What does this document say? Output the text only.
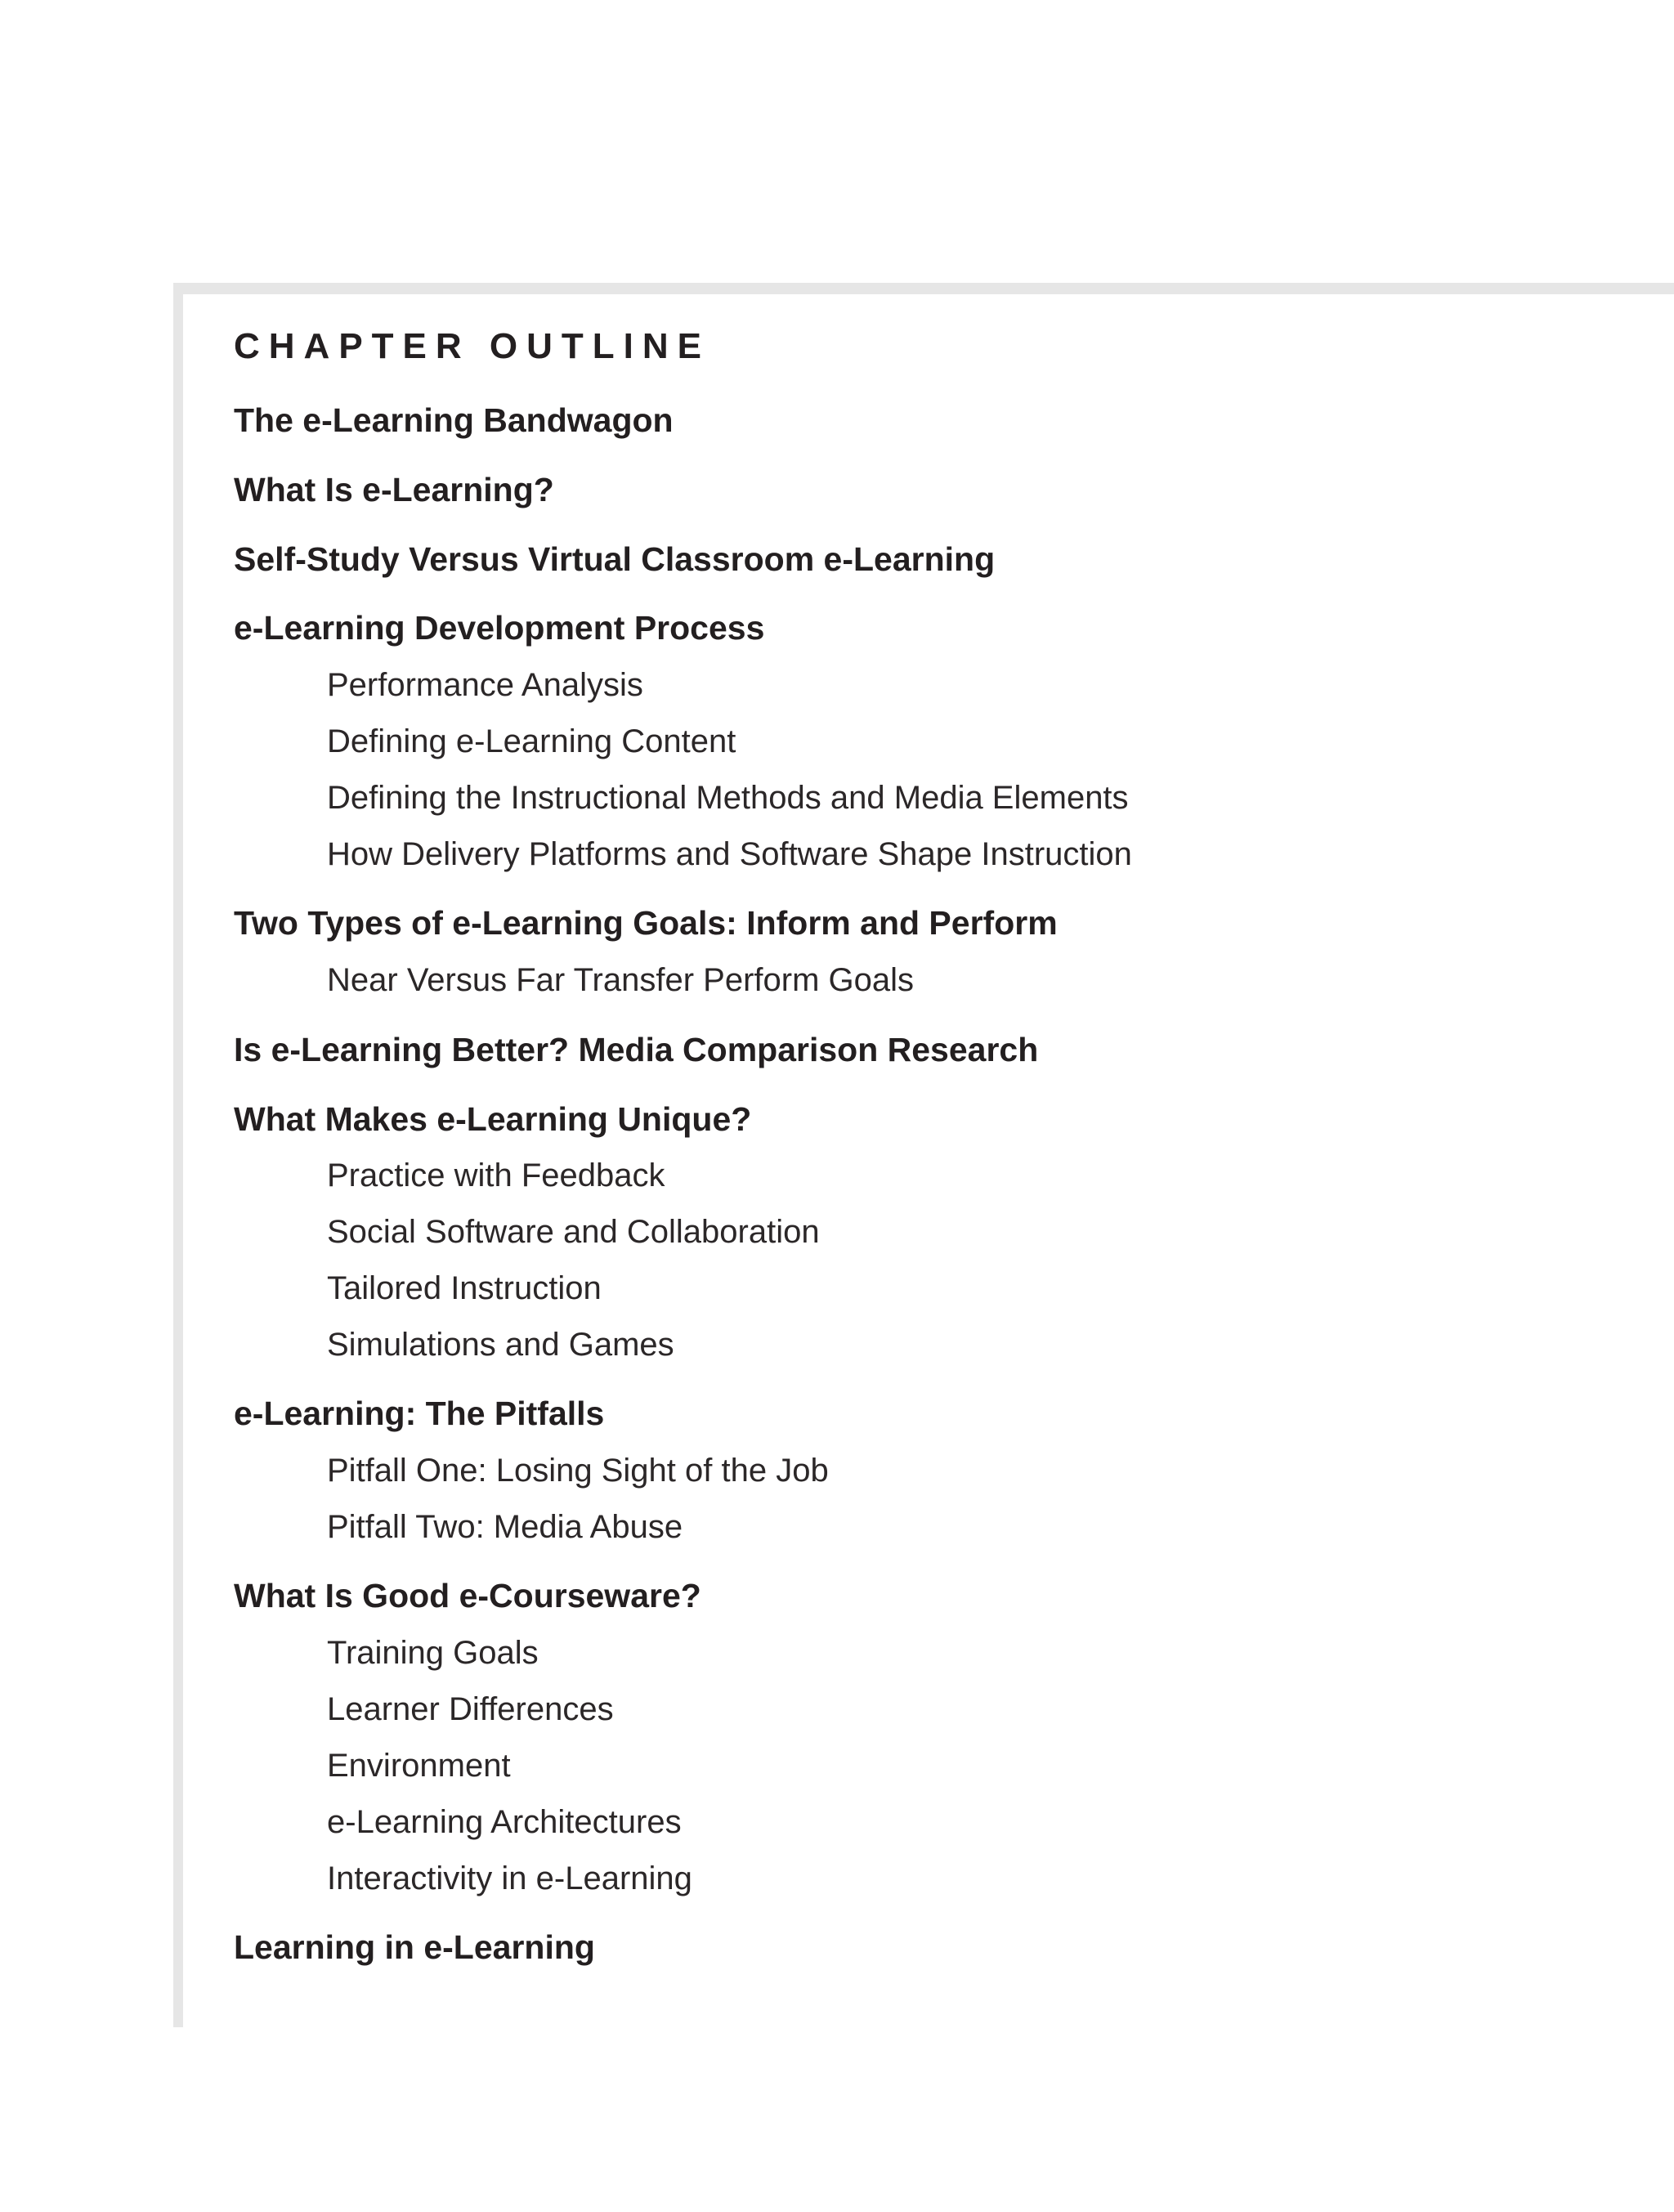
CHAPTER OUTLINE
The e-Learning Bandwagon
What Is e-Learning?
Self-Study Versus Virtual Classroom e-Learning
e-Learning Development Process
Performance Analysis
Defining e-Learning Content
Defining the Instructional Methods and Media Elements
How Delivery Platforms and Software Shape Instruction
Two Types of e-Learning Goals: Inform and Perform
Near Versus Far Transfer Perform Goals
Is e-Learning Better? Media Comparison Research
What Makes e-Learning Unique?
Practice with Feedback
Social Software and Collaboration
Tailored Instruction
Simulations and Games
e-Learning: The Pitfalls
Pitfall One: Losing Sight of the Job
Pitfall Two: Media Abuse
What Is Good e-Courseware?
Training Goals
Learner Differences
Environment
e-Learning Architectures
Interactivity in e-Learning
Learning in e-Learning
